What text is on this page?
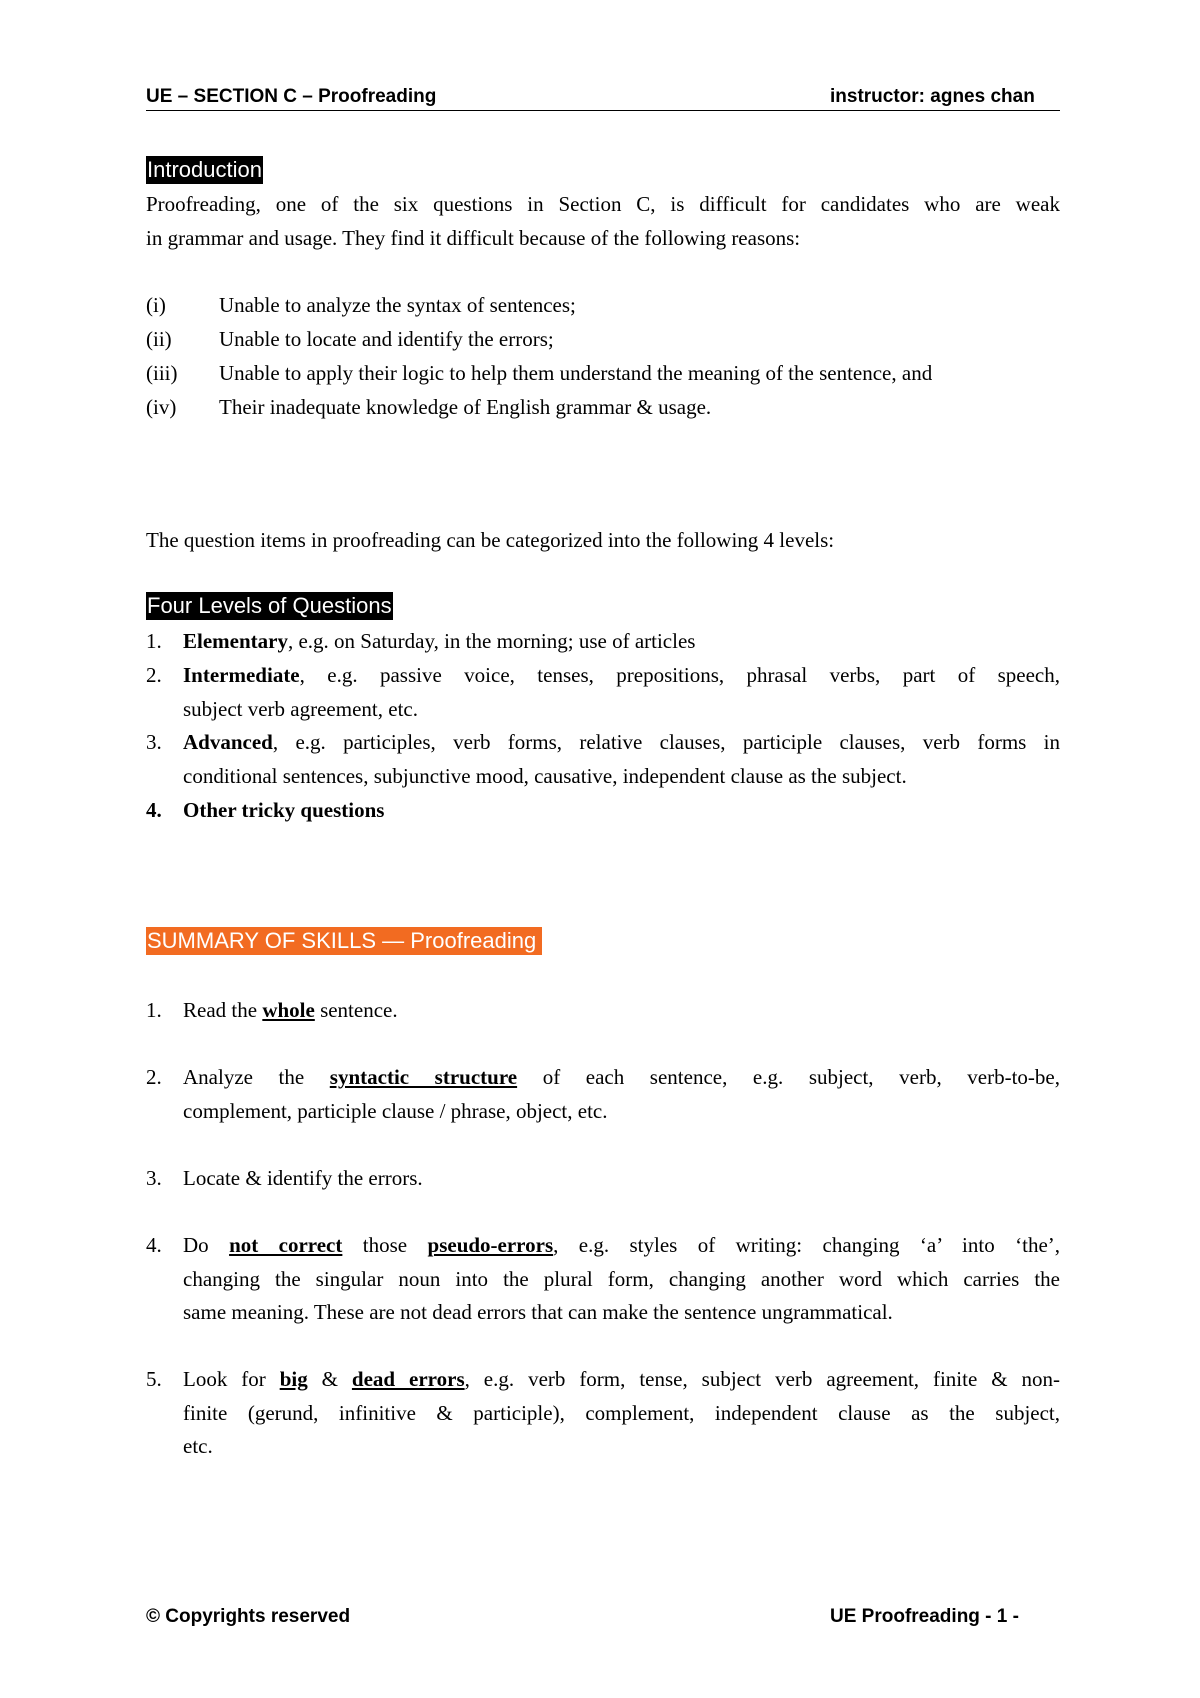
UE – SECTION C – Proofreading	instructor: agnes chan
Introduction
Proofreading, one of the six questions in Section C, is difficult for candidates who are weak
in grammar and usage. They find it difficult because of the following reasons:
(i)	Unable to analyze the syntax of sentences;
(ii) Unable to locate and identify the errors;
(iii) Unable to apply their logic to help them understand the meaning of the sentence, and
(iv) Their inadequate knowledge of English grammar & usage.
The question items in proofreading can be categorized into the following 4 levels:
Four Levels of Questions
1. Elementary, e.g. on Saturday, in the morning; use of articles
2. Intermediate, e.g. passive voice, tenses, prepositions, phrasal verbs, part of speech,
subject verb agreement, etc.
3. Advanced, e.g. participles, verb forms, relative clauses, participle clauses, verb forms in
conditional sentences, subjunctive mood, causative, independent clause as the subject.
4. Other tricky questions
SUMMARY OF SKILLS — Proofreading
1. Read the whole sentence.
2. Analyze the syntactic structure of each sentence, e.g. subject, verb, verb-to-be,
complement, participle clause / phrase, object, etc.
3. Locate & identify the errors.
4. Do not correct those pseudo-errors, e.g. styles of writing: changing ‘a’ into ‘the’,
changing the singular noun into the plural form, changing another word which carries the
same meaning. These are not dead errors that can make the sentence ungrammatical.
5. Look for big & dead errors, e.g. verb form, tense, subject verb agreement, finite & non-
finite (gerund, infinitive & participle), complement, independent clause as the subject,
etc.
© Copyrights reserved	UE Proofreading - 1 -
